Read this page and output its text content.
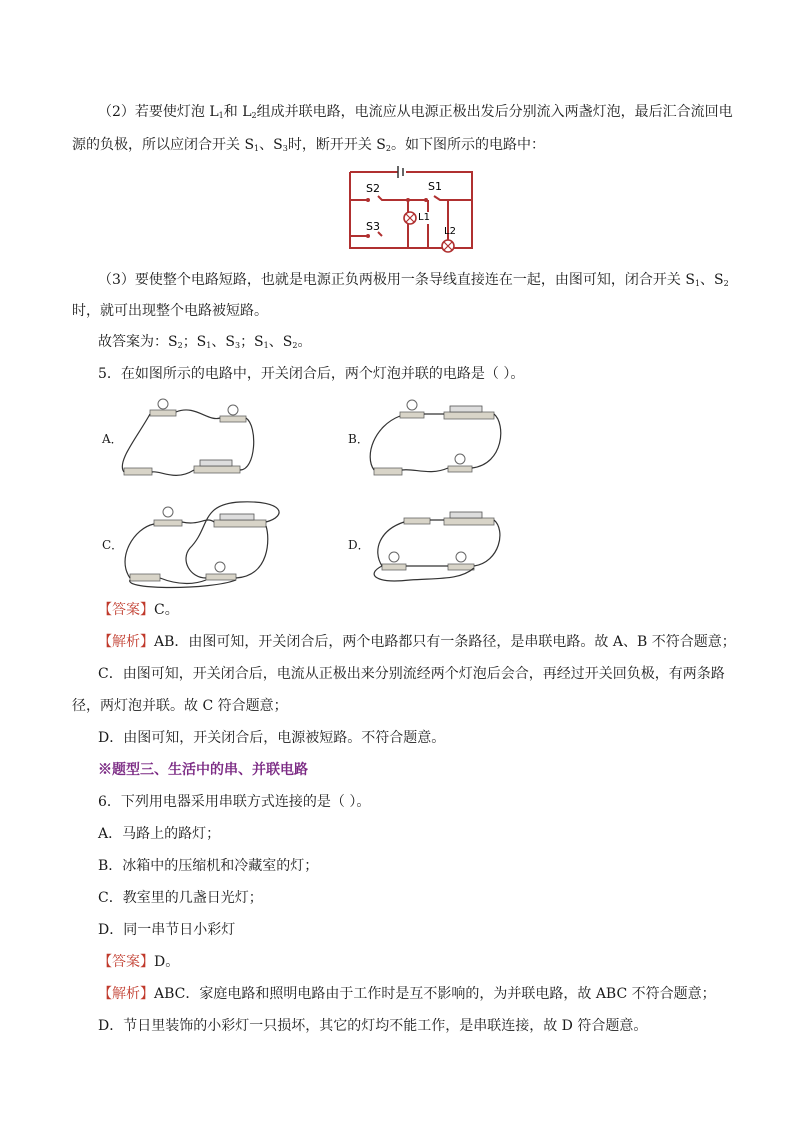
（2）若要使灯泡 $L_1$和 $L_2$组成并联电路，电流应从电源正极出发后分别流入两盏灯泡，最后汇合流回电
源的负极，所以应闭合开关 $S_1$、$S_3$时，断开开关 $S_2$。如下图所示的电路中：
S2	S1
L1
S3	L2
（3）要使整个电路短路，也就是电源正负两极用一条导线直接连在一起，由图可知，闭合开关 $S_1$、$S_2$
时，就可出现整个电路被短路。
故答案为：$S_2$；$S_1$、$S_3$；$S_1$、$S_2$。
5．在如图所示的电路中，开关闭合后，两个灯泡并联的电路是（ ）。
A．	B．
C．	D．
【答案】C。
【解析】AB．由图可知，开关闭合后，两个电路都只有一条路径，是串联电路。故 A、B 不符合题意；
C．由图可知，开关闭合后，电流从正极出来分别流经两个灯泡后会合，再经过开关回负极，有两条路
径，两灯泡并联。故 C 符合题意；
D．由图可知，开关闭合后，电源被短路。不符合题意。
※题型三、生活中的串、并联电路
6．下列用电器采用串联方式连接的是（ ）。
A．马路上的路灯；
B．冰箱中的压缩机和冷藏室的灯；
C．教室里的几盏日光灯；
D．同一串节日小彩灯
【答案】D。
【解析】ABC．家庭电路和照明电路由于工作时是互不影响的，为并联电路，故 ABC 不符合题意；
D．节日里装饰的小彩灯一只损坏，其它的灯均不能工作，是串联连接，故 D 符合题意。
